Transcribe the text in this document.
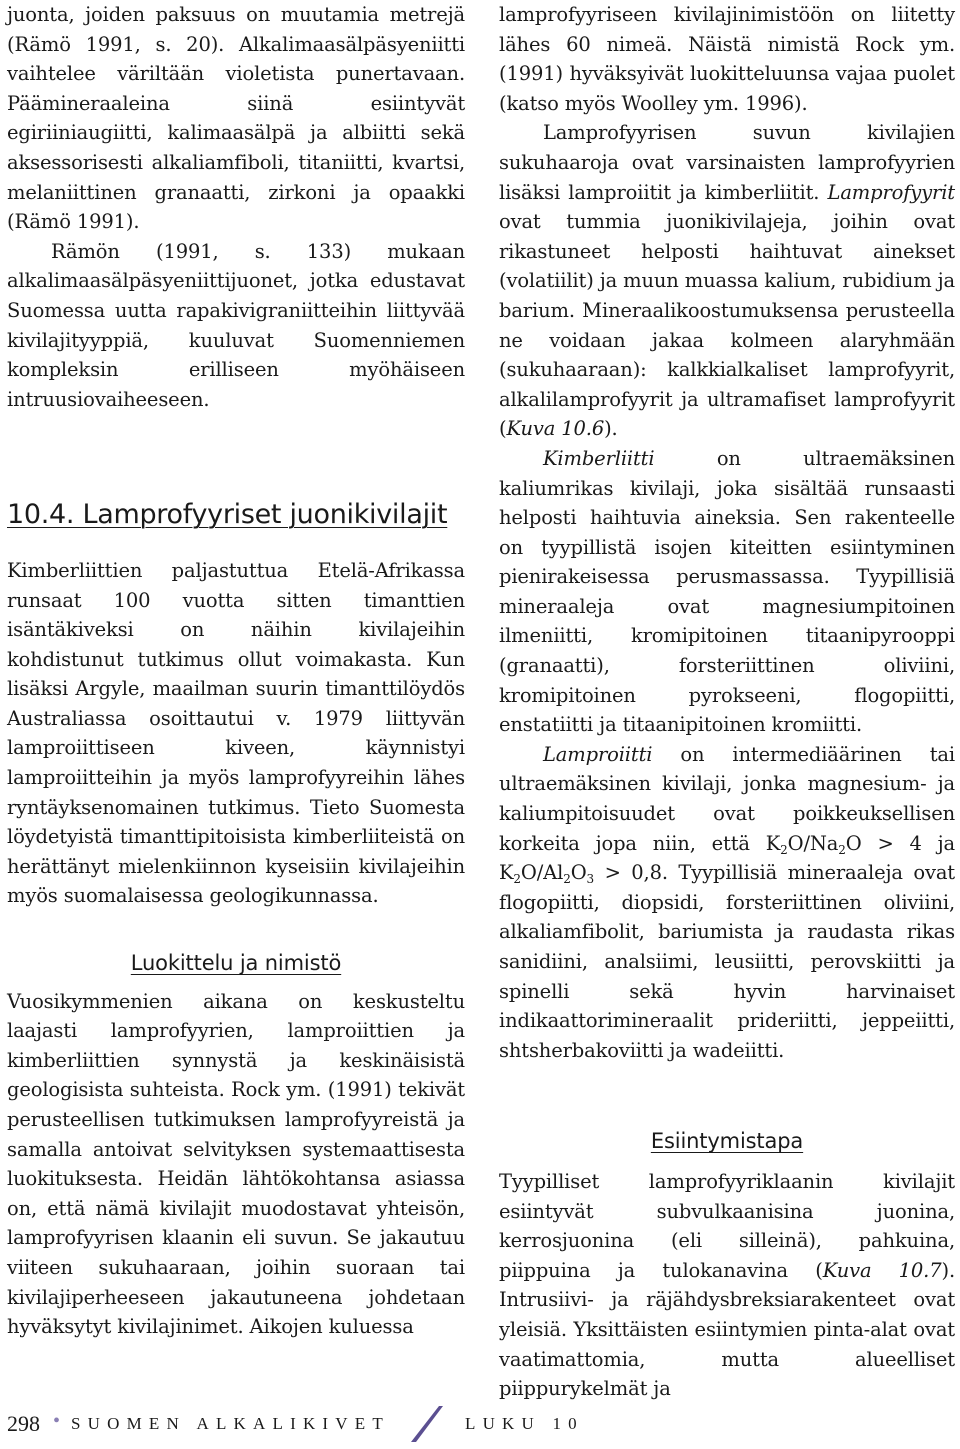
juonta, joiden paksuus on muutamia metrejä (Rämö 1991, s. 20). Alkalimaasälpäsyeniitti vaihtelee väriltään violetista punertavaan. Päämineraaleina siinä esiintyvät egiriiniaugiitti, kalimaasälpä ja albiitti sekä aksessorisesti alkaliamfiboli, titaniitti, kvartsi, melaniittinen granaatti, zirkoni ja opaakki (Rämö 1991).

Rämön (1991, s. 133) mukaan alkalimaasälpäsyeniittijuonet, jotka edustavat Suomessa uutta rapakivigraniitteihin liittyvää kivilajityyppiä, kuuluvat Suomenniemen kompleksin erilliseen myöhäiseen intruusiovaiheeseen.

10.4. Lamprofyyriset juonikivilajit

Kimberliittien paljastuttua Etelä-Afrikassa runsaat 100 vuotta sitten timanttien isäntäkiveksi on näihin kivilajeihin kohdistunut tutkimus ollut voimakasta. Kun lisäksi Argyle, maailman suurin timanttilöydös Australiassa osoittautui v. 1979 liittyvän lamproiittiseen kiveen, käynnistyi lamproiitteihin ja myös lamprofyyreihin lähes ryntäyksenomainen tutkimus. Tieto Suomesta löydetyistä timanttipitoisista kimberliiteistä on herättänyt mielenkiinnon kyseisiin kivilajeihin myös suomalaisessa geologikunnassa.

Luokittelu ja nimistö

Vuosikymmenien aikana on keskusteltu laajasti lamprofyyrien, lamproiittien ja kimberliittien synnystä ja keskinäisistä geologisista suhteista. Rock ym. (1991) tekivät perusteellisen tutkimuksen lamprofyyreistä ja samalla antoivat selvityksen systemaattisesta luokituksesta. Heidän lähtökohtansa asiassa on, että nämä kivilajit muodostavat yhteisön, lamprofyyrisen klaanin eli suvun. Se jakautuu viiteen sukuhaaraan, joihin suoraan tai kivilajiperheeseen jakautuneena johdetaan hyväksytyt kivilajinimet. Aikojen kuluessa

lamprofyyriseen kivilajinimistöön on liitetty lähes 60 nimeä. Näistä nimistä Rock ym. (1991) hyväksyivät luokitteluunsa vajaa puolet (katso myös Woolley ym. 1996).

Lamprofyyrisen suvun kivilajien sukuhaaroja ovat varsinaisten lamprofyyrien lisäksi lamproiitit ja kimberliitit. Lamprofyyrit ovat tummia juonikivilajeja, joihin ovat rikastuneet helposti haihtuvat ainekset (volatiilit) ja muun muassa kalium, rubidium ja barium. Mineraalikoostumuksensa perusteella ne voidaan jakaa kolmeen alaryhmään (sukuhaaraan): kalkkialkaliset lamprofyyrit, alkalilamprofyyrit ja ultramafiset lamprofyyrit (Kuva 10.6).

Kimberliitti	on ultraemäksinen kaliumrikas kivilaji, joka sisältää runsaasti helposti haihtuvia aineksia. Sen rakenteelle on tyypillistä isojen kiteitten esiintyminen pienirakeisessa perusmassassa. Tyypillisiä mineraaleja ovat magnesiumpitoinen ilmeniitti, kromipitoinen titaanipyrooppi (granaatti), forsteriittinen oliviini, kromipitoinen pyrokseeni, flogopiitti, enstatiitti ja titaanipitoinen kromiitti.

Lamproiitti on intermediäärinen tai ultraemäksinen kivilaji, jonka magnesium- ja kaliumpitoisuudet ovat poikkeuksellisen korkeita jopa niin, että $K_2O/Na_2O > 4$ ja $K_2O/Al_2O_3 > 0,8$. Tyypillisiä mineraaleja ovat flogopiitti, diopsidi, forsteriittinen oliviini, alkaliamfibolit, bariumista ja raudasta rikas sanidiini, analsiimi, leusiitti, perovskiitti ja spinelli sekä hyvin harvinaiset indikaattorimineraalit prideriitti, jeppeiitti, shtsherbakoviitti ja wadeiitti.

Esiintymistapa

Tyypilliset lamprofyyriklaanin kivilajit esiintyvät subvulkaanisina juonina, kerrosjuonina (eli silleinä), pahkuina, piippuina ja tulokanavina (Kuva 10.7). Intrusiivi- ja räjähdysbreksiarakenteet ovat yleisiä. Yksittäisten esiintymien pinta-alat ovat vaatimattomia, mutta alueelliset piippurykelmät ja

298 • SUOMEN ALKALIKIVET	LUKU 10
